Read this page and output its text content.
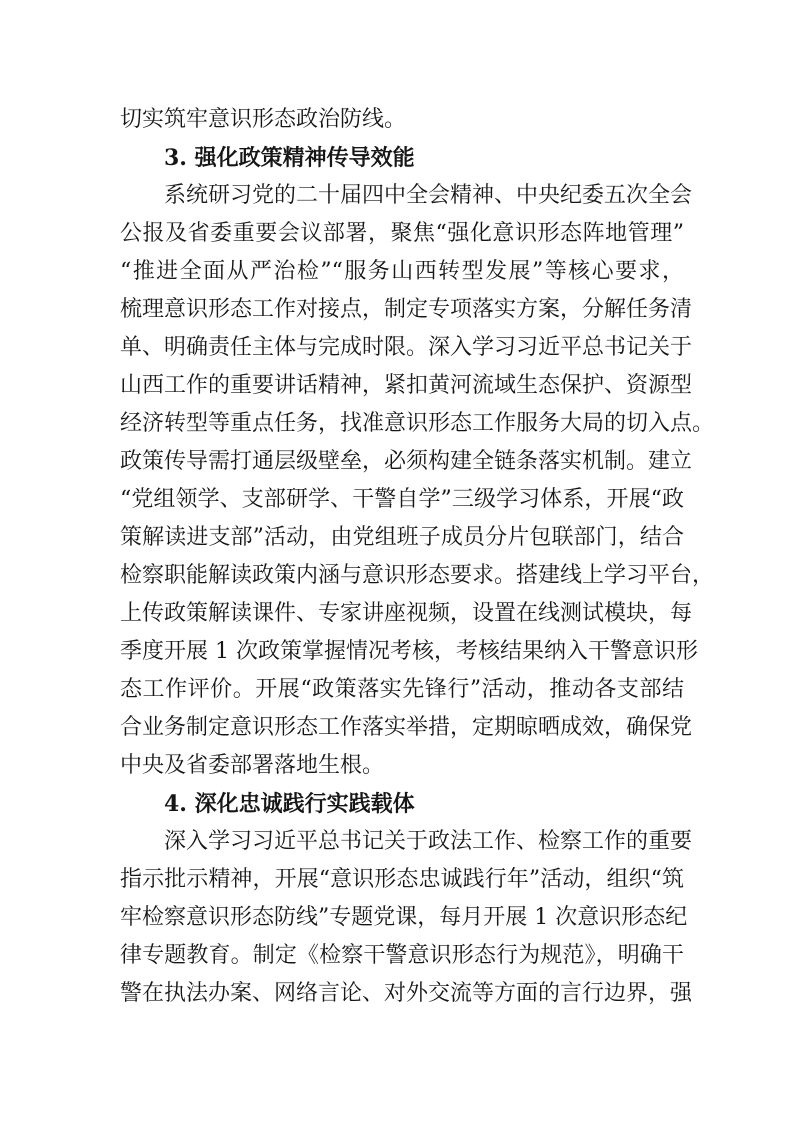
切实筑牢意识形态政治防线。
3. 强化政策精神传导效能
系统研习党的二十届四中全会精神、中央纪委五次全会
公报及省委重要会议部署，聚焦“强化意识形态阵地管理”
“推进全面从严治检”“服务山西转型发展”等核心要求，
梳理意识形态工作对接点，制定专项落实方案，分解任务清
单、明确责任主体与完成时限。深入学习习近平总书记关于
山西工作的重要讲话精神，紧扣黄河流域生态保护、资源型
经济转型等重点任务，找准意识形态工作服务大局的切入点。
政策传导需打通层级壁垒，必须构建全链条落实机制。建立
“党组领学、支部研学、干警自学”三级学习体系，开展“政
策解读进支部”活动，由党组班子成员分片包联部门，结合
检察职能解读政策内涵与意识形态要求。搭建线上学习平台，
上传政策解读课件、专家讲座视频，设置在线测试模块，每
季度开展 1 次政策掌握情况考核，考核结果纳入干警意识形
态工作评价。开展“政策落实先锋行”活动，推动各支部结
合业务制定意识形态工作落实举措，定期晾晒成效，确保党
中央及省委部署落地生根。
4. 深化忠诚践行实践载体
深入学习习近平总书记关于政法工作、检察工作的重要
指示批示精神，开展“意识形态忠诚践行年”活动，组织“筑
牢检察意识形态防线”专题党课，每月开展 1 次意识形态纪
律专题教育。制定《检察干警意识形态行为规范》，明确干
警在执法办案、网络言论、对外交流等方面的言行边界，强
